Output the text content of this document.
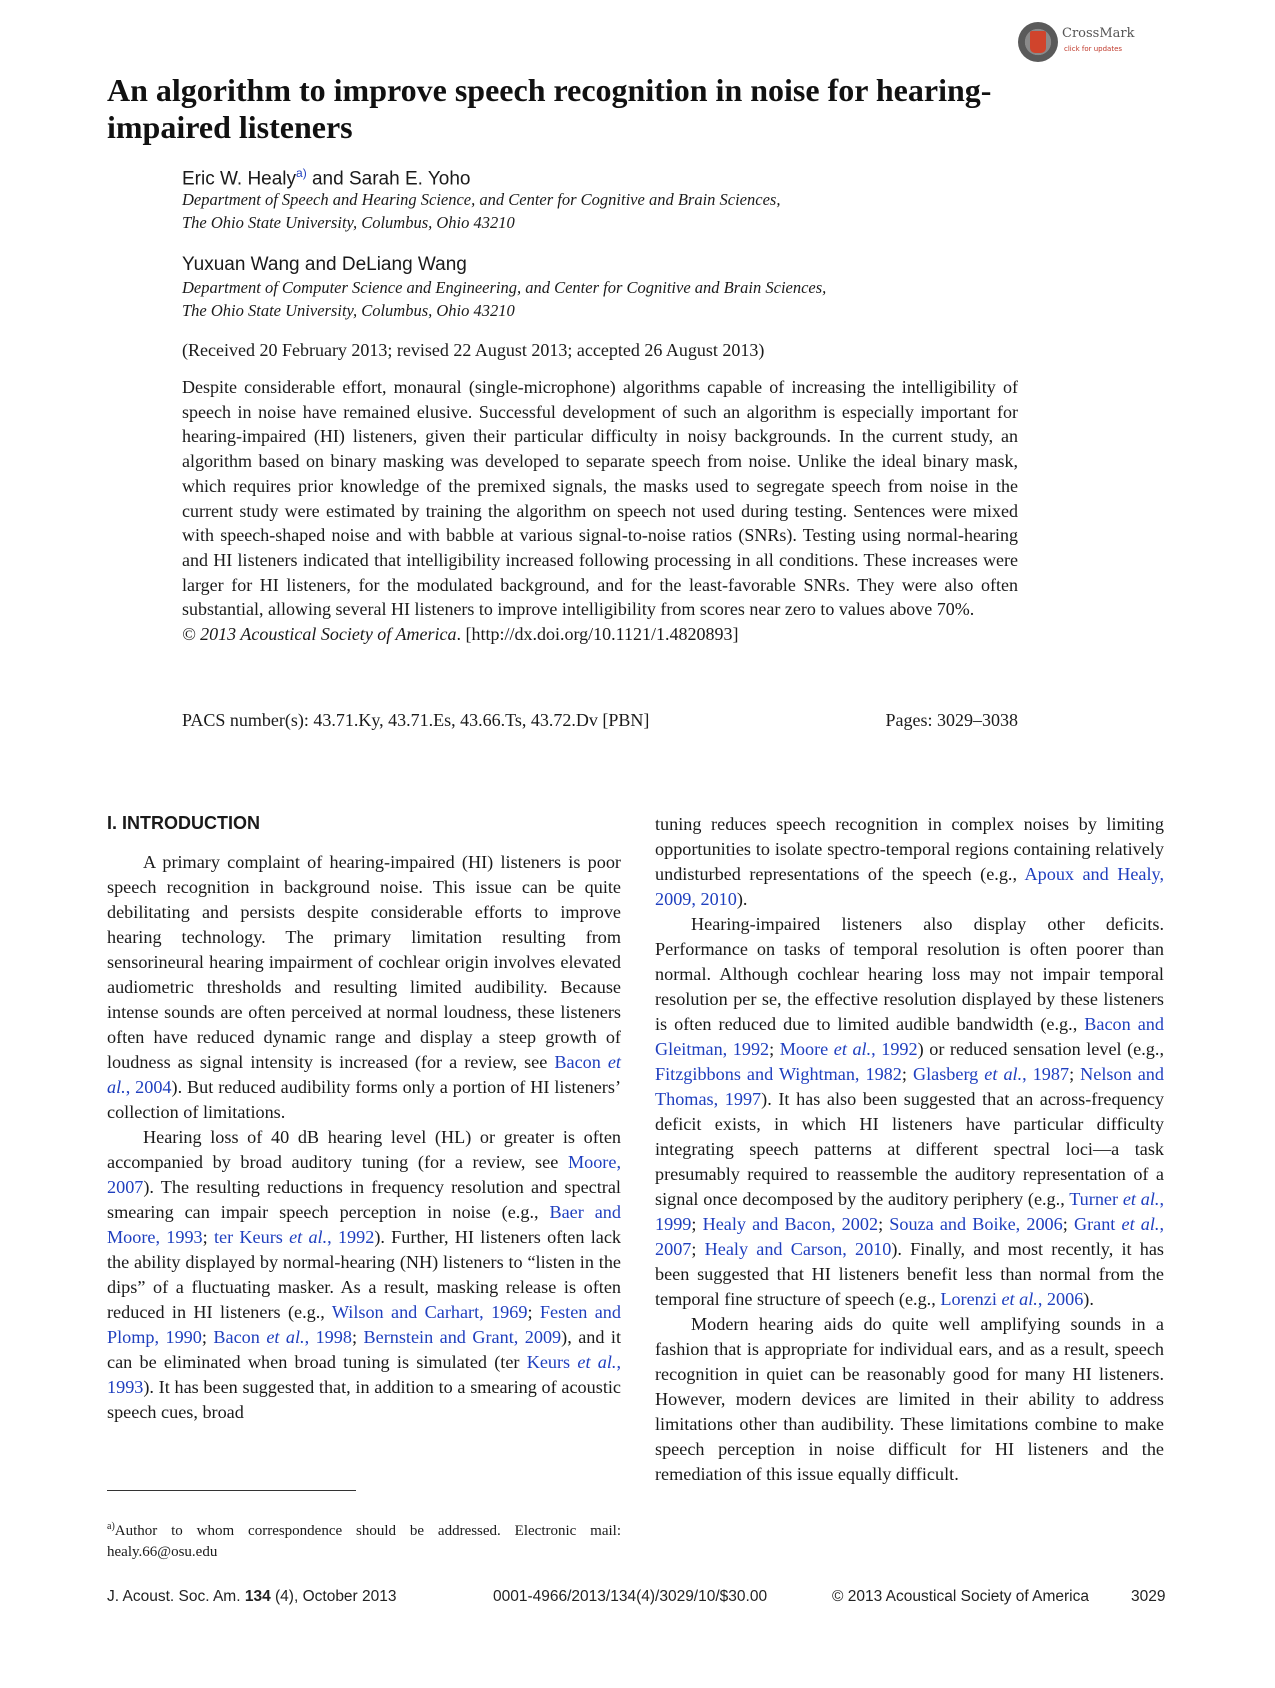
CrossMark
click for updates
An algorithm to improve speech recognition in noise for hearing-impaired listeners
Eric W. Healy$^{a)}$ and Sarah E. Yoho
Department of Speech and Hearing Science, and Center for Cognitive and Brain Sciences,
The Ohio State University, Columbus, Ohio 43210
Yuxuan Wang and DeLiang Wang
Department of Computer Science and Engineering, and Center for Cognitive and Brain Sciences,
The Ohio State University, Columbus, Ohio 43210
(Received 20 February 2013; revised 22 August 2013; accepted 26 August 2013)

Despite considerable effort, monaural (single-microphone) algorithms capable of increasing the intelligibility of speech in noise have remained elusive. Successful development of such an algorithm is especially important for hearing-impaired (HI) listeners, given their particular difficulty in noisy backgrounds. In the current study, an algorithm based on binary masking was developed to separate speech from noise. Unlike the ideal binary mask, which requires prior knowledge of the premixed signals, the masks used to segregate speech from noise in the current study were estimated by training the algorithm on speech not used during testing. Sentences were mixed with speech-shaped noise and with babble at various signal-to-noise ratios (SNRs). Testing using normal-hearing and HI listeners indicated that intelligibility increased following processing in all conditions. These increases were larger for HI listeners, for the modulated background, and for the least-favorable SNRs. They were also often substantial, allowing several HI listeners to improve intelligibility from scores near zero to values above 70%.
© 2013 Acoustical Society of America. [http://dx.doi.org/10.1121/1.4820893]

PACS number(s): 43.71.Ky, 43.71.Es, 43.66.Ts, 43.72.Dv [PBN]	Pages: 3029–3038
I. INTRODUCTION

A primary complaint of hearing-impaired (HI) listeners is poor speech recognition in background noise. This issue can be quite debilitating and persists despite considerable efforts to improve hearing technology. The primary limitation resulting from sensorineural hearing impairment of cochlear origin involves elevated audiometric thresholds and resulting limited audibility. Because intense sounds are often perceived at normal loudness, these listeners often have reduced dynamic range and display a steep growth of loudness as signal intensity is increased (for a review, see Bacon et al., 2004). But reduced audibility forms only a portion of HI listeners’ collection of limitations.

Hearing loss of 40 dB hearing level (HL) or greater is often accompanied by broad auditory tuning (for a review, see Moore, 2007). The resulting reductions in frequency resolution and spectral smearing can impair speech perception in noise (e.g., Baer and Moore, 1993; ter Keurs et al., 1992). Further, HI listeners often lack the ability displayed by normal-hearing (NH) listeners to “listen in the dips” of a fluctuating masker. As a result, masking release is often reduced in HI listeners (e.g., Wilson and Carhart, 1969; Festen and Plomp, 1990; Bacon et al., 1998; Bernstein and Grant, 2009), and it can be eliminated when broad tuning is simulated (ter Keurs et al., 1993). It has been suggested that, in addition to a smearing of acoustic speech cues, broad

tuning reduces speech recognition in complex noises by limiting opportunities to isolate spectro-temporal regions containing relatively undisturbed representations of the speech (e.g., Apoux and Healy, 2009, 2010).

Hearing-impaired listeners also display other deficits. Performance on tasks of temporal resolution is often poorer than normal. Although cochlear hearing loss may not impair temporal resolution per se, the effective resolution displayed by these listeners is often reduced due to limited audible bandwidth (e.g., Bacon and Gleitman, 1992; Moore et al., 1992) or reduced sensation level (e.g., Fitzgibbons and Wightman, 1982; Glasberg et al., 1987; Nelson and Thomas, 1997). It has also been suggested that an across-frequency deficit exists, in which HI listeners have particular difficulty integrating speech patterns at different spectral loci—a task presumably required to reassemble the auditory representation of a signal once decomposed by the auditory periphery (e.g., Turner et al., 1999; Healy and Bacon, 2002; Souza and Boike, 2006; Grant et al., 2007; Healy and Carson, 2010). Finally, and most recently, it has been suggested that HI listeners benefit less than normal from the temporal fine structure of speech (e.g., Lorenzi et al., 2006).

Modern hearing aids do quite well amplifying sounds in a fashion that is appropriate for individual ears, and as a result, speech recognition in quiet can be reasonably good for many HI listeners. However, modern devices are limited in their ability to address limitations other than audibility. These limitations combine to make speech perception in noise difficult for HI listeners and the remediation of this issue equally difficult.

$^{a)}$Author to whom correspondence should be addressed. Electronic mail: healy.66@osu.edu
J. Acoust. Soc. Am. 134 (4), October 2013	0001-4966/2013/134(4)/3029/10/$30.00	© 2013 Acoustical Society of America	3029
